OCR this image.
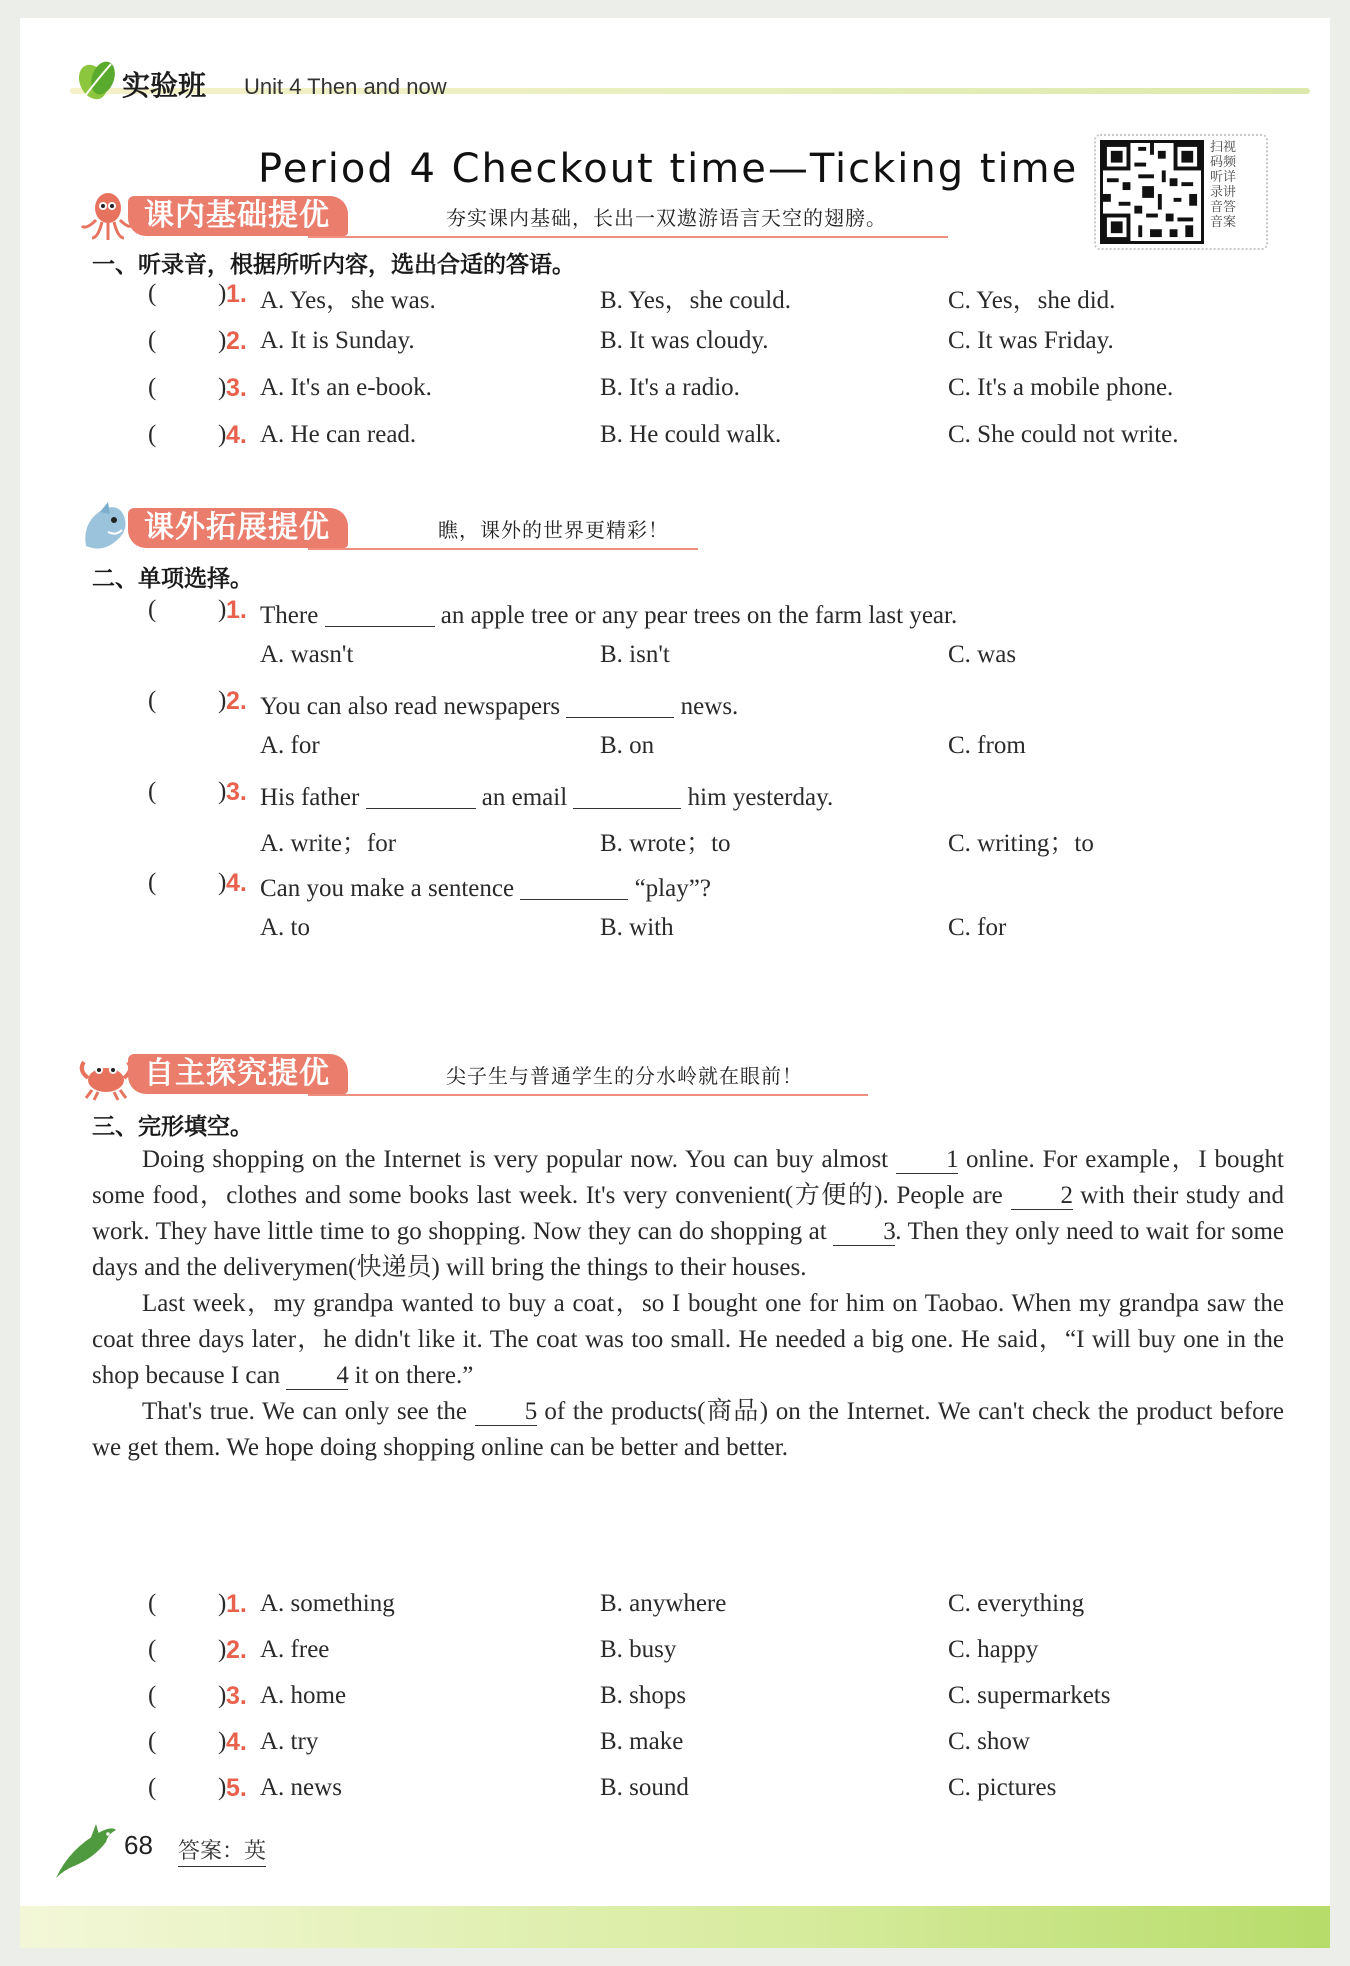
实验班 Unit 4 Then and now
Period 4 Checkout time—Ticking time	扫视
码频
听详
录讲
音答
音案
课内基础提优	夯实课内基础，长出一双遨游语言天空的翅膀。
一、听录音，根据所听内容，选出合适的答语。
( ) 1. A. Yes，she was.	B. Yes，she could.	C. Yes，she did.
( ) 2. A. It is Sunday.	B. It was cloudy.	C. It was Friday.
( ) 3. A. It's an e-book.	B. It's a radio.	C. It's a mobile phone.
( ) 4. A. He can read.	B. He could walk.	C. She could not write.
课外拓展提优	瞧，课外的世界更精彩！
二、单项选择。
( ) 1. There	an apple tree or any pear trees on the farm last year.
A. wasn't	B. isn't	C. was
( ) 2. You can also read newspapers	news.
A. for	B. on	C. from
( ) 3. His father	an email	him yesterday.
A. write；for	B. wrote；to	C. writing；to
( ) 4. Can you make a sentence	“play”?
A. to	B. with	C. for
自主探究提优	尖子生与普通学生的分水岭就在眼前！
三、完形填空。

Doing shopping on the Internet is very popular now. You can buy almost 1 online. For example，I bought some food，clothes and some books last week. It's very convenient(方便的). People are 2 with their study and work. They have little time to go shopping. Now they can do shopping at 3. Then they only need to wait for some days and the deliverymen(快递员) will bring the things to their houses.

Last week，my grandpa wanted to buy a coat，so I bought one for him on Taobao. When my grandpa saw the coat three days later，he didn't like it. The coat was too small. He needed a big one. He said，“I will buy one in the shop because I can 4 it on there.”

That's true. We can only see the 5 of the products(商品) on the Internet. We can't check the product before we get them. We hope doing shopping online can be better and better.

( ) 1. A. something	B. anywhere	C. everything
( ) 2. A. free	B. busy	C. happy
( ) 3. A. home	B. shops	C. supermarkets
( ) 4. A. try	B. make	C. show
( ) 5. A. news	B. sound	C. pictures
68 答案：英
